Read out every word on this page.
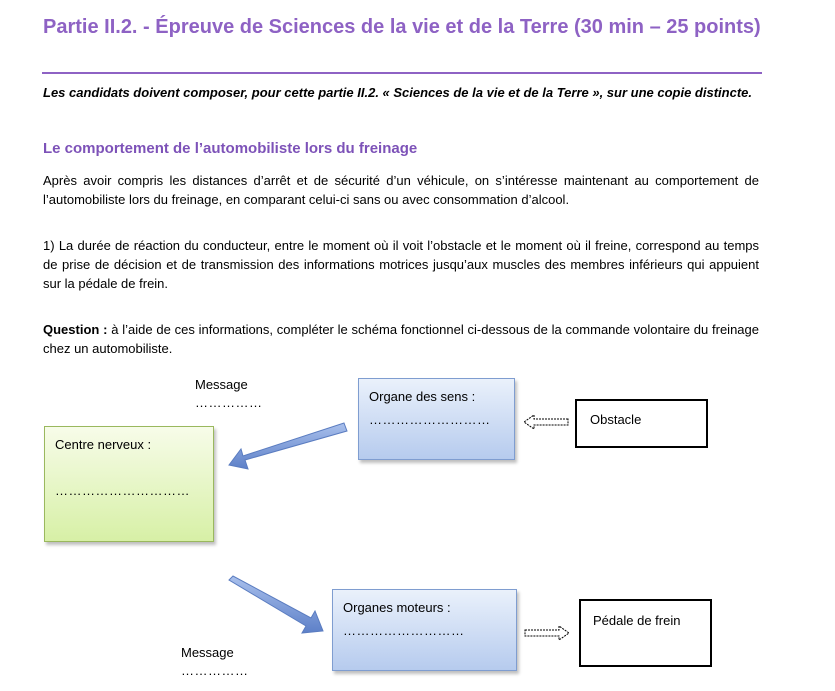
Partie II.2. - Épreuve de Sciences de la vie et de la Terre (30 min – 25 points)
Les candidats doivent composer, pour cette partie II.2. « Sciences de la vie et de la Terre », sur une copie distincte.
Le comportement de l’automobiliste lors du freinage
Après avoir compris les distances d’arrêt et de sécurité d’un véhicule, on s’intéresse maintenant au comportement de l’automobiliste lors du freinage, en comparant celui-ci sans ou avec consommation d’alcool.
1) La durée de réaction du conducteur, entre le moment où il voit l’obstacle et le moment où il freine, correspond au temps de prise de décision et de transmission des informations motrices jusqu’aux muscles des membres inférieurs qui appuient sur la pédale de frein.
Question : à l’aide de ces informations, compléter le schéma fonctionnel ci-dessous de la commande volontaire du freinage chez un automobiliste.
Message
……………	Organe des sens :
………………………	Obstacle
Centre nerveux :
…………………………
Organes moteurs :
………………………
Pédale de frein
Message
……………
